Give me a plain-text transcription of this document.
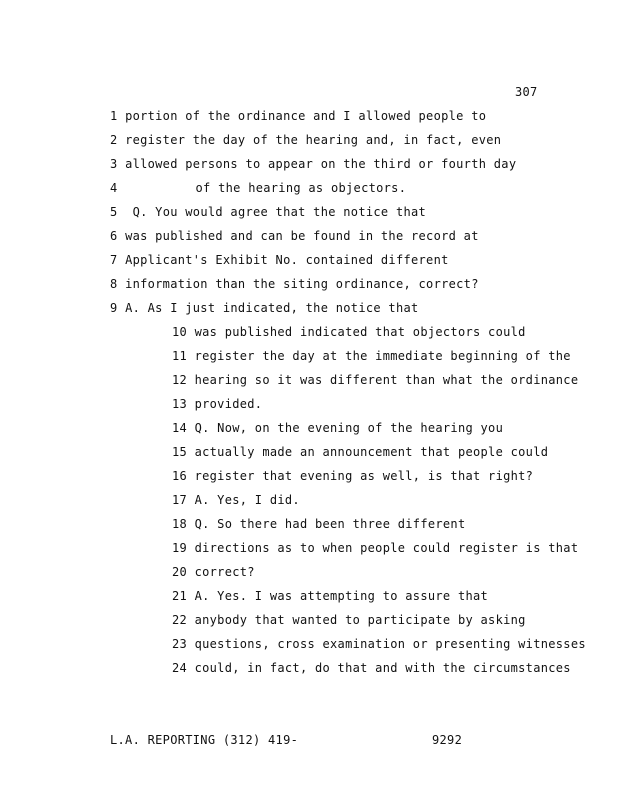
307
1 portion of the ordinance and I allowed people to
2 register the day of the hearing and, in fact, even
3 allowed persons to appear on the third or fourth day
4	of the hearing as objectors.
5 Q. You would agree that the notice that
6 was published and can be found in the record at
7 Applicant's Exhibit No. contained different
8 information than the siting ordinance, correct?
9 A. As I just indicated, the notice that
10 was published indicated that objectors could
11 register the day at the immediate beginning of the
12 hearing so it was different than what the ordinance
13 provided.
14 Q. Now, on the evening of the hearing you
15 actually made an announcement that people could
16 register that evening as well, is that right?
17 A. Yes, I did.
18 Q. So there had been three different
19 directions as to when people could register is that
20 correct?
21 A. Yes. I was attempting to assure that
22 anybody that wanted to participate by asking
23 questions, cross examination or presenting witnesses
24 could, in fact, do that and with the circumstances
L.A. REPORTING (312) 419-	9292
